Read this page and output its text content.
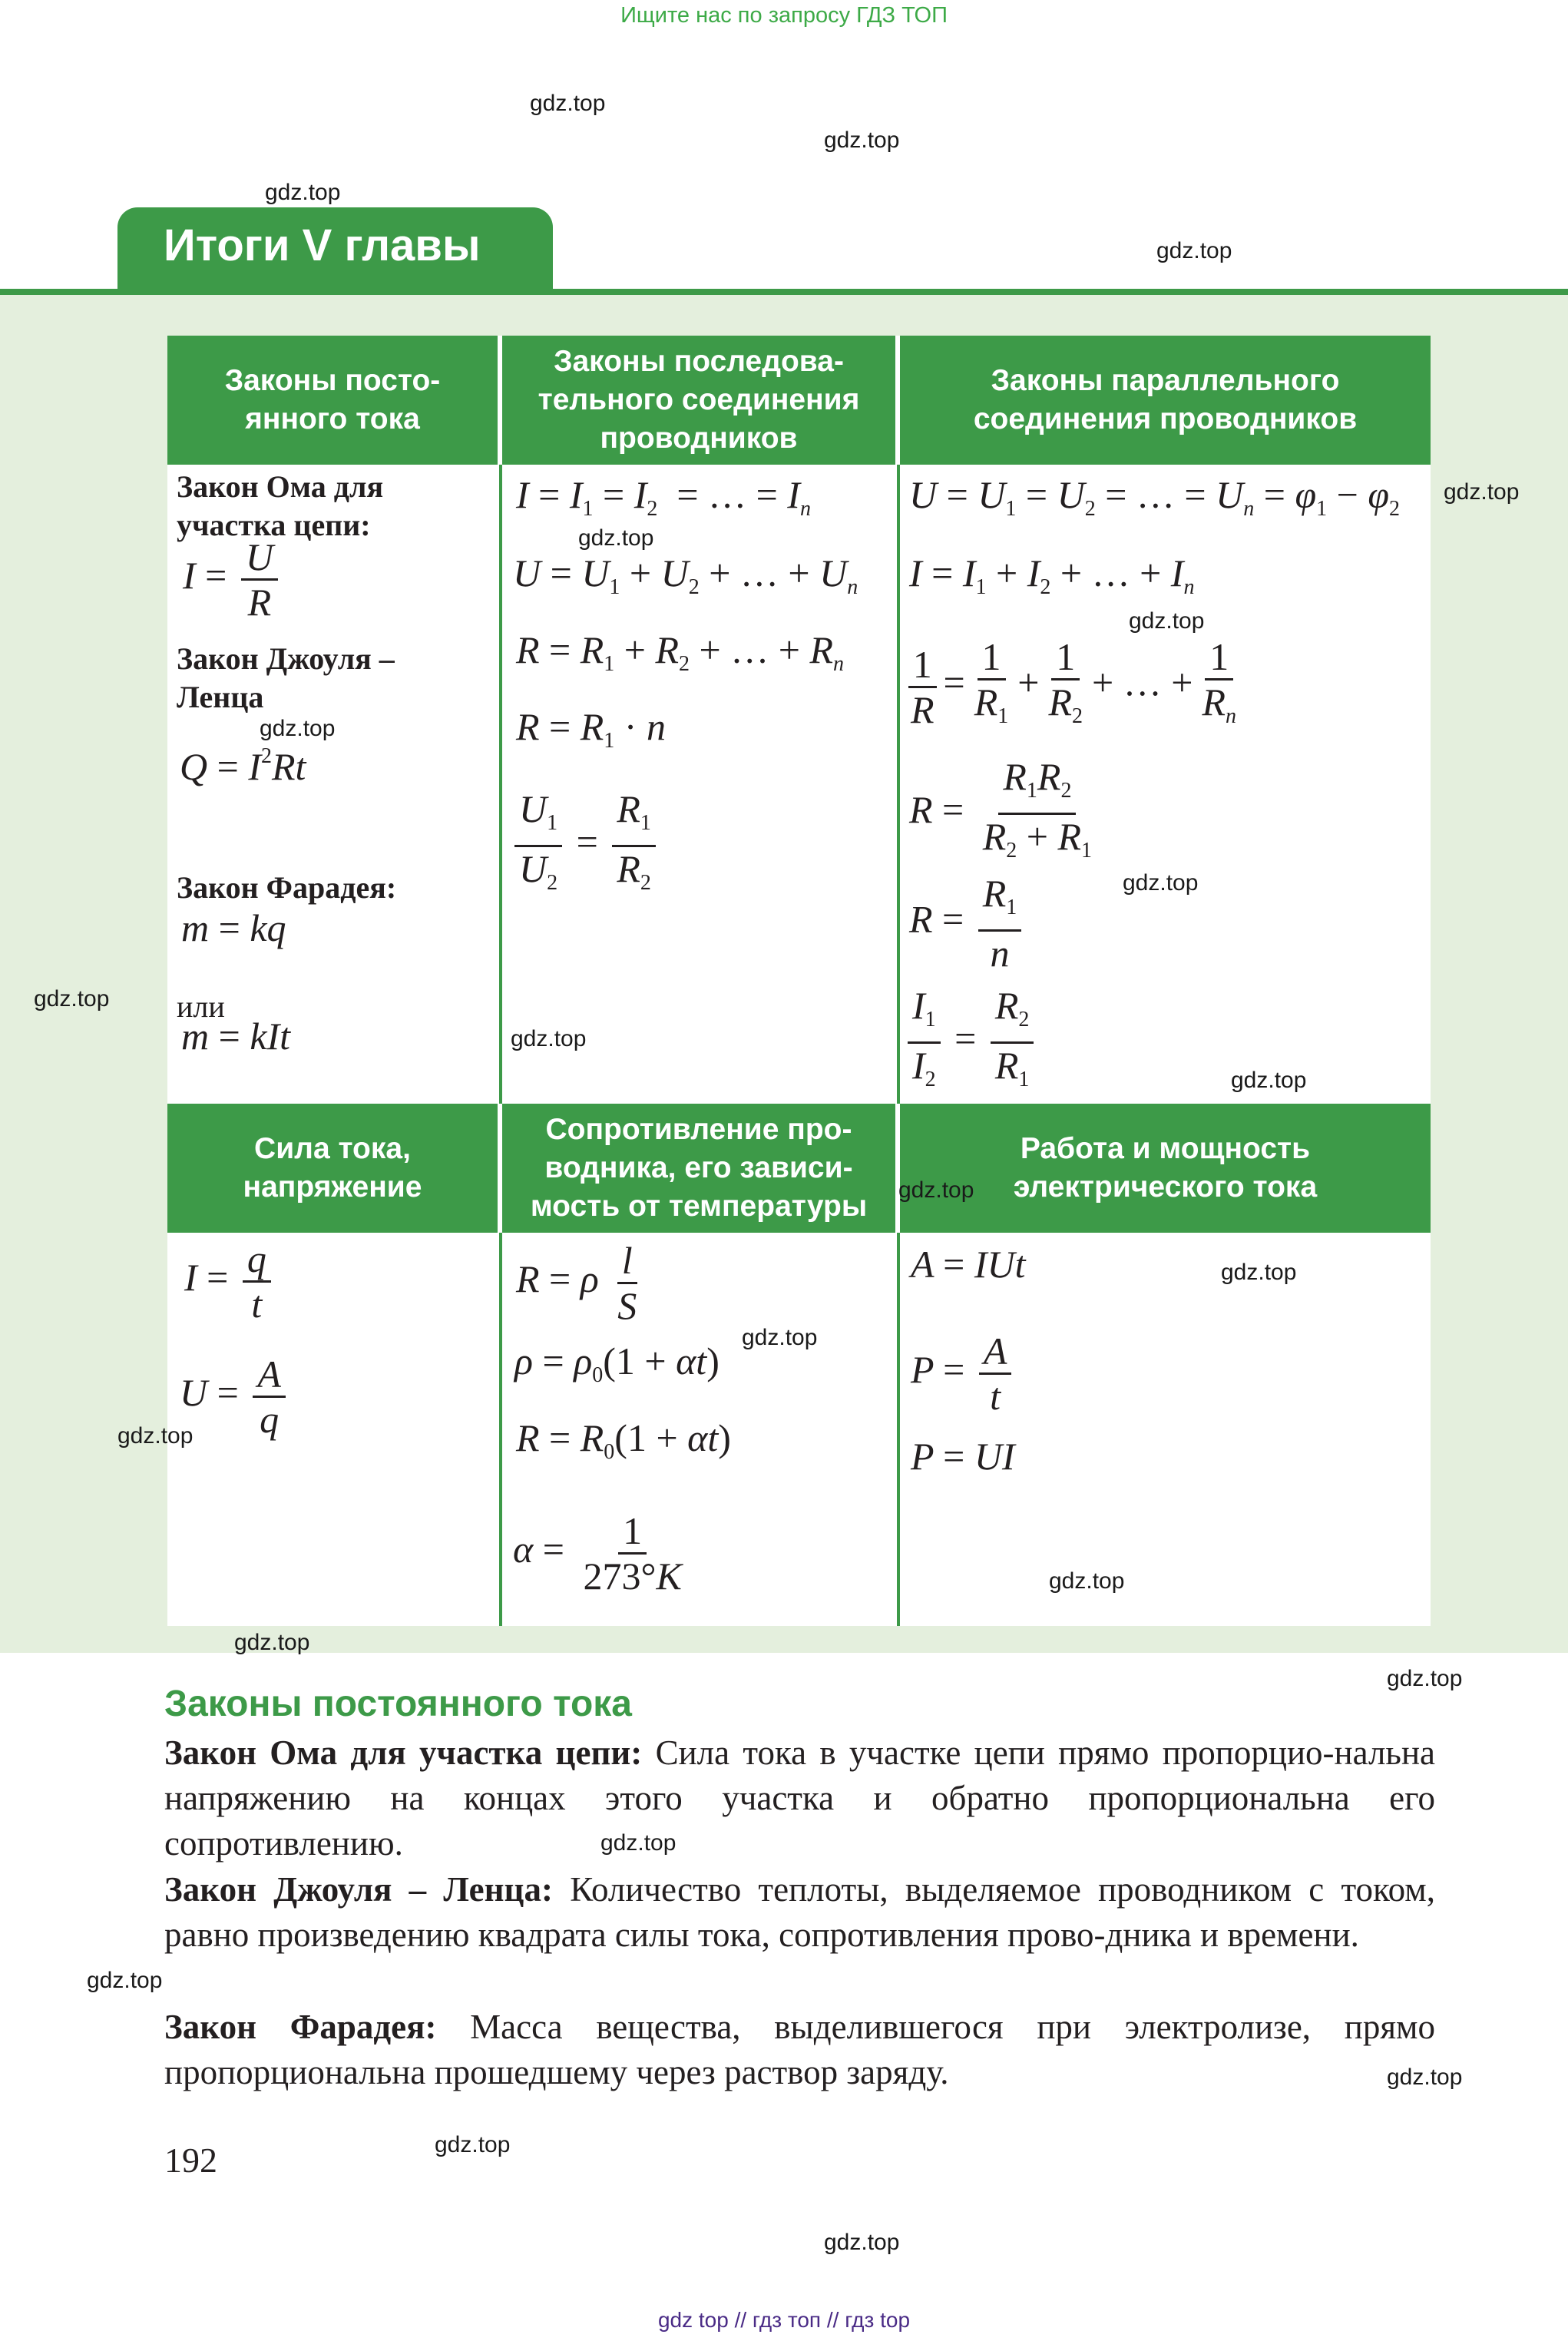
Ищите нас по запросу ГДЗ ТОП
gdz.top
gdz.top
gdz.top
gdz.top
Итоги V главы
Законы посто-
янного тока
Законы последова-
тельного соединения
проводников
Законы параллельного
соединения проводников
Сила тока,
напряжение
Сопротивление про-
водника, его зависи-
мость от температуры
Работа и мощность
электрического тока
Закон Ома для
участка цепи:
$I = \frac{U}{R}$
Закон Джоуля –
Ленца
$Q = I^2Rt$
Закон Фарадея:
m = kq
или
m = kIt
$I = I_1 = I_2$ = … = $I_n$
$U = U_1 + U_2$ + … + $U_n$
$R = R_1 + R_2$ + … + $R_n$
$R = R_1 \cdot n$
$\frac{U_1}{U_2} = \frac{R_1}{R_2}$
$U = U_1 = U_2$ = … = $U_n = \varphi_1 - \varphi_2$
$I = I_1 + I_2$ + … + $I_n$
$\frac{1}{R} = \frac{1}{R_1} + \frac{1}{R_2}$ + … + $\frac{1}{R_n}$
$R = \frac{R_1R_2}{R_2 + R_1}$
$R = \frac{R_1}{n}$
$\frac{I_1}{I_2} = \frac{R_2}{R_1}$
$I = \frac{q}{t}$
$U = \frac{A}{q}$
R = ρ $\frac{l}{S}$
$\rho = \rho_0(1 + \alpha t)$
$R = R_0(1 + \alpha t)$
$\alpha = \frac{1}{273^\circ K}$
A = IUt
$P = \frac{A}{t}$
P = UI
gdz.top
gdz.top
gdz.top
gdz.top
gdz.top
gdz.top
gdz.top
gdz.top
gdz.top
gdz.top
gdz.top
gdz.top
gdz.top
gdz.top
gdz.top
Законы постоянного тока
Закон Ома для участка цепи: Сила тока в участке цепи прямо пропорцио-нальна напряжению на концах этого участка и обратно пропорциональна его сопротивлению.
Закон Джоуля – Ленца: Количество теплоты, выделяемое проводником с током, равно произведению квадрата силы тока, сопротивления прово-дника и времени.
Закон Фарадея: Масса вещества, выделившегося при электролизе, прямо пропорциональна прошедшему через раствор заряду.
gdz.top
gdz.top
gdz.top
192	gdz.top
gdz.top
gdz top // гдз топ // гдз top
